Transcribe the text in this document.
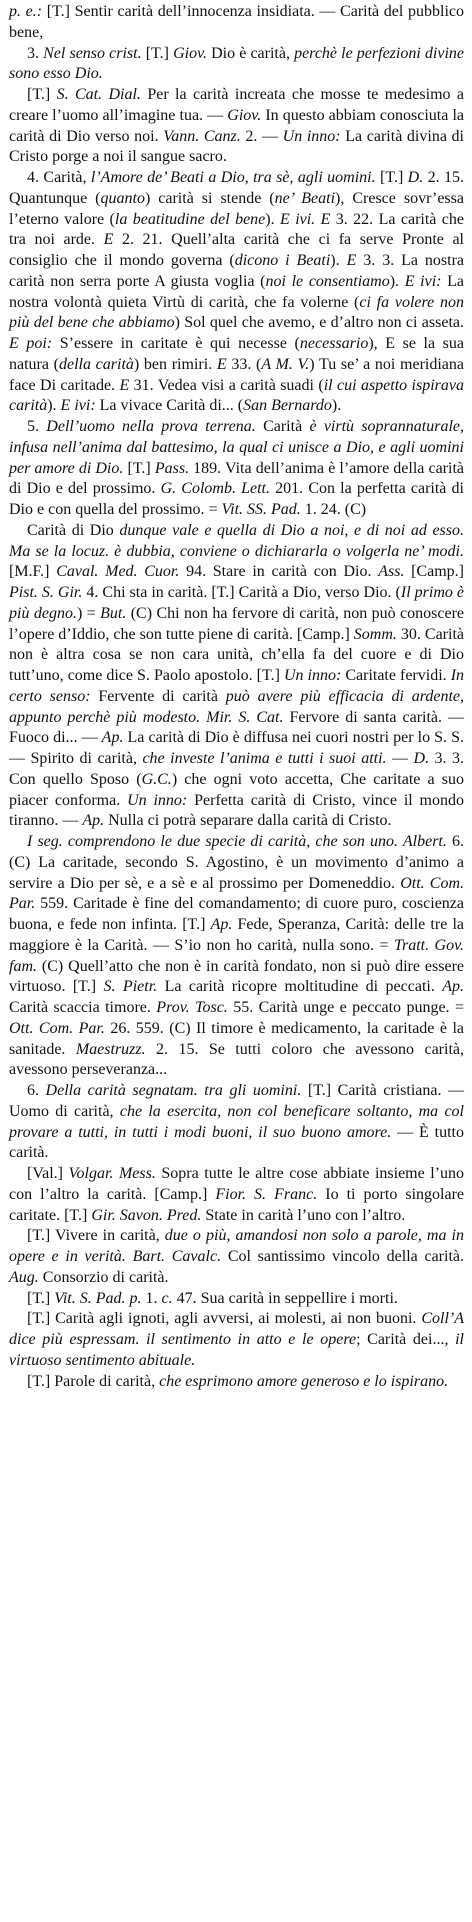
p. e.: [T.] Sentir carità dell’innocenza insidiata. — Carità del pubblico bene,

3. Nel senso crist. [T.] Giov. Dio è carità, perchè le perfezioni divine sono esso Dio.

[T.] S. Cat. Dial. Per la carità increata che mosse te medesimo a creare l’uomo all’imagine tua. — Giov. In questo abbiam conosciuta la carità di Dio verso noi. Vann. Canz. 2. — Un inno: La carità divina di Cristo porge a noi il sangue sacro.

4. Carità, l’Amore de’ Beati a Dio, tra sè, agli uomini. [T.] D. 2. 15. Quantunque (quanto) carità si stende (ne’ Beati), Cresce sovr’essa l’eterno valore (la beatitudine del bene). E ivi. E 3. 22. La carità che tra noi arde. E 2. 21. Quell’alta carità che ci fa serve Pronte al consiglio che il mondo governa (dicono i Beati). E 3. 3. La nostra carità non serra porte A giusta voglia (noi le consentiamo). E ivi: La nostra volontà quieta Virtù di carità, che fa volerne (ci fa volere non più del bene che abbiamo) Sol quel che avemo, e d’altro non ci asseta. E poi: S’essere in caritate è qui necesse (necessario), E se la sua natura (della carità) ben rimiri. E 33. (A M. V.) Tu se’ a noi meridiana face Di caritade. E 31. Vedea visi a carità suadi (il cui aspetto ispirava carità). E ivi: La vivace Carità di... (San Bernardo).

5. Dell’uomo nella prova terrena. Carità è virtù soprannaturale, infusa nell’anima dal battesimo, la qual ci unisce a Dio, e agli uomini per amore di Dio. [T.] Pass. 189. Vita dell’anima è l’amore della carità di Dio e del prossimo. G. Colomb. Lett. 201. Con la perfetta carità di Dio e con quella del prossimo. = Vit. SS. Pad. 1. 24. (C)

Carità di Dio dunque vale e quella di Dio a noi, e di noi ad esso. Ma se la locuz. è dubbia, conviene o dichiararla o volgerla ne’ modi. [M.F.] Caval. Med. Cuor. 94. Stare in carità con Dio. Ass. [Camp.] Pist. S. Gir. 4. Chi sta in carità. [T.] Carità a Dio, verso Dio. (Il primo è più degno.) = But. (C) Chi non ha fervore di carità, non può conoscere l’opere d’Iddio, che son tutte piene di carità. [Camp.] Somm. 30. Carità non è altra cosa se non cara unità, ch’ella fa del cuore e di Dio tutt’uno, come dice S. Paolo apostolo. [T.] Un inno: Caritate fervidi. In certo senso: Fervente di carità può avere più efficacia di ardente, appunto perchè più modesto. Mir. S. Cat. Fervore di santa carità. — Fuoco di... — Ap. La carità di Dio è diffusa nei cuori nostri per lo S. S. — Spirito di carità, che investe l’anima e tutti i suoi atti. — D. 3. 3. Con quello Sposo (G.C.) che ogni voto accetta, Che caritate a suo piacer conforma. Un inno: Perfetta carità di Cristo, vince il mondo tiranno. — Ap. Nulla ci potrà separare dalla carità di Cristo.

I seg. comprendono le due specie di carità, che son uno. Albert. 6. (C) La caritade, secondo S. Agostino, è un movimento d’animo a servire a Dio per sè, e a sè e al prossimo per Domeneddio. Ott. Com. Par. 559. Caritade è fine del comandamento; di cuore puro, coscienza buona, e fede non infinta. [T.] Ap. Fede, Speranza, Carità: delle tre la maggiore è la Carità. — S’io non ho carità, nulla sono. = Tratt. Gov. fam. (C) Quell’atto che non è in carità fondato, non si può dire essere virtuoso. [T.] S. Pietr. La carità ricopre moltitudine di peccati. Ap. Carità scaccia timore. Prov. Tosc. 55. Carità unge e peccato punge. = Ott. Com. Par. 26. 559. (C) Il timore è medicamento, la caritade è la sanitade. Maestruzz. 2. 15. Se tutti coloro che avessono carità, avessono perseveranza...

6. Della carità segnatam. tra gli uomini. [T.] Carità cristiana. — Uomo di carità, che la esercita, non col beneficare soltanto, ma col provare a tutti, in tutti i modi buoni, il suo buono amore. — È tutto carità.

[Val.] Volgar. Mess. Sopra tutte le altre cose abbiate insieme l’uno con l’altro la carità. [Camp.] Fior. S. Franc. Io ti porto singolare caritate. [T.] Gir. Savon. Pred. State in carità l’uno con l’altro.

[T.] Vivere in carità, due o più, amandosi non solo a parole, ma in opere e in verità. Bart. Cavalc. Col santissimo vincolo della carità. Aug. Consorzio di carità.

[T.] Vit. S. Pad. p. 1. c. 47. Sua carità in seppellire i morti.

[T.] Carità agli ignoti, agli avversi, ai molesti, ai non buoni. Coll’A dice più espressam. il sentimento in atto e le opere; Carità dei..., il virtuoso sentimento abituale.

[T.] Parole di carità, che esprimono amore generoso e lo ispirano.
